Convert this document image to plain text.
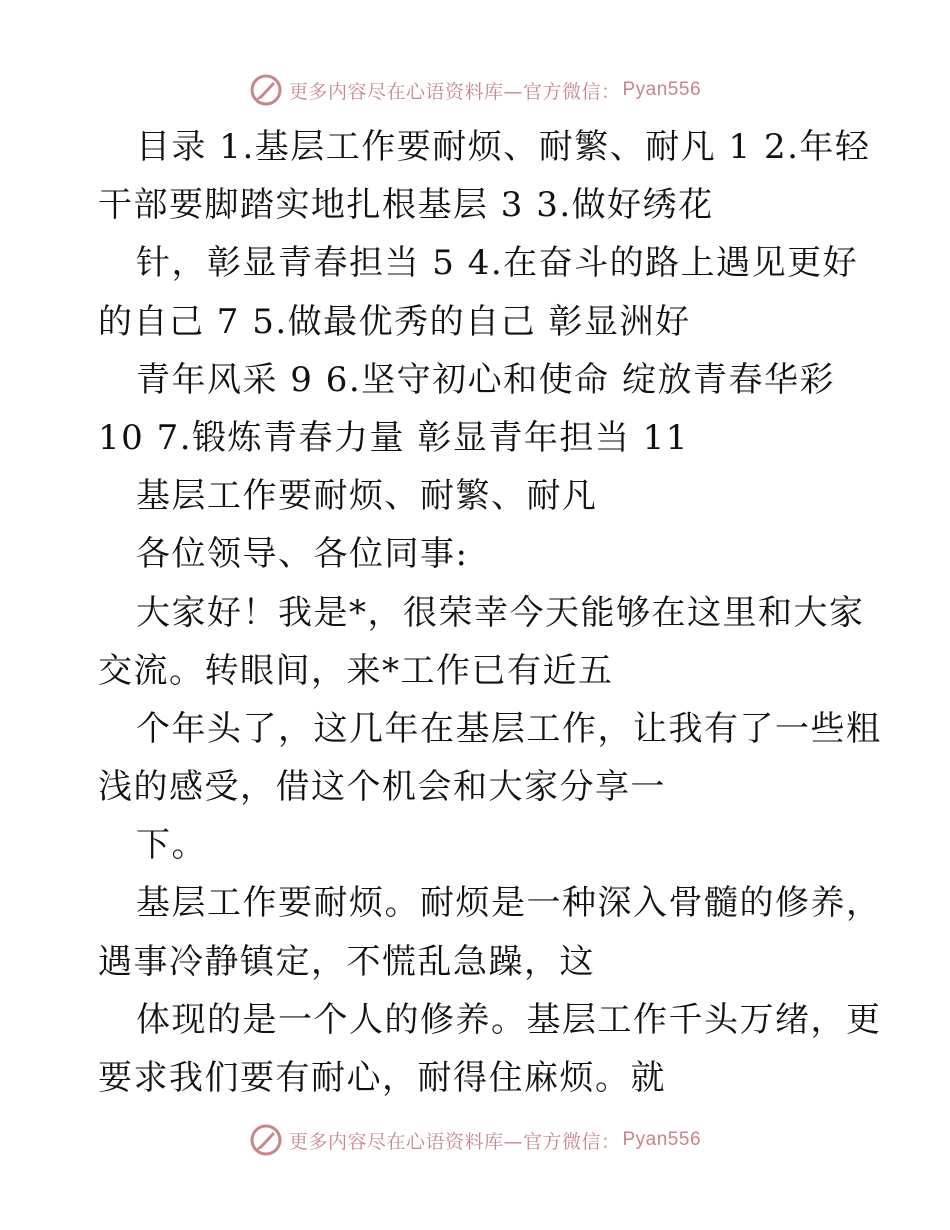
更多内容尽在心语资料库—官方微信： Pyan556
目录 1.基层工作要耐烦、耐繁、耐凡 1 2.年轻
干部要脚踏实地扎根基层 3 3.做好绣花
针，彰显青春担当 5 4.在奋斗的路上遇见更好
的自己 7 5.做最优秀的自己 彰显洲好
青年风采 9 6.坚守初心和使命 绽放青春华彩
10 7.锻炼青春力量 彰显青年担当 11
基层工作要耐烦、耐繁、耐凡
各位领导、各位同事:
大家好！我是*，很荣幸今天能够在这里和大家
交流。转眼间，来*工作已有近五
个年头了，这几年在基层工作，让我有了一些粗
浅的感受，借这个机会和大家分享一
下。
基层工作要耐烦。耐烦是一种深入骨髓的修养，
遇事冷静镇定，不慌乱急躁，这
体现的是一个人的修养。基层工作千头万绪，更
要求我们要有耐心，耐得住麻烦。就
更多内容尽在心语资料库—官方微信： Pyan556
